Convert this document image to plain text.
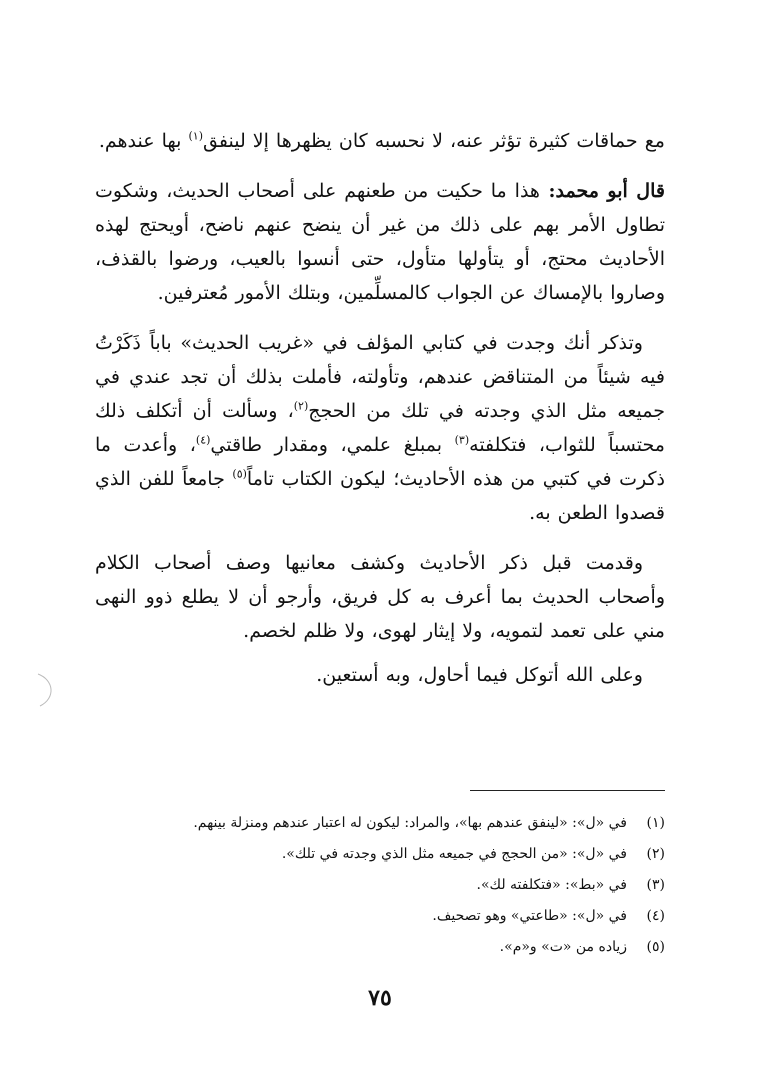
مع حماقات كثيرة تؤثر عنه، لا نحسبه كان يظهرها إلا لينفق$^{(١)}$ بها عندهم.

قال أبو محمد: هذا ما حكيت من طعنهم على أصحاب الحديث، وشكوت تطاول الأمر بهم على ذلك من غير أن ينضح عنهم ناضح، أويحتج لهذه الأحاديث محتج، أو يتأولها متأول، حتى أنسوا بالعيب، ورضوا بالقذف، وصاروا بالإمساك عن الجواب كالمسلِّمين، وبتلك الأمور مُعترفين.

وتذكر أنك وجدت في كتابي المؤلف في «غريب الحديث» باباً ذَكَرْتُ فيه شيئاً من المتناقض عندهم، وتأولته، فأملت بذلك أن تجد عندي في جميعه مثل الذي وجدته في تلك من الحجج$^{(٢)}$، وسألت أن أتكلف ذلك محتسباً للثواب، فتكلفته$^{(٣)}$ بمبلغ علمي، ومقدار طاقتي$^{(٤)}$، وأعدت ما ذكرت في كتبي من هذه الأحاديث؛ ليكون الكتاب تاماً$^{(٥)}$ جامعاً للفن الذي قصدوا الطعن به.

وقدمت قبل ذكر الأحاديث وكشف معانيها وصف أصحاب الكلام وأصحاب الحديث بما أعرف به كل فريق، وأرجو أن لا يطلع ذوو النهى مني على تعمد لتمويه، ولا إيثار لهوى، ولا ظلم لخصم.

وعلى الله أتوكل فيما أحاول، وبه أستعين.

(١)
في «ل»: «لينفق عندهم بها»، والمراد: ليكون له اعتبار عندهم ومنزلة بينهم.
(٢)
في «ل»: «من الحجج في جميعه مثل الذي وجدته في تلك».
(٣)
في «بط»: «فتكلفته لك».
(٤)
في «ل»: «طاعتي» وهو تصحيف.
(٥)
زياده من «ت» و«م».
٧٥
